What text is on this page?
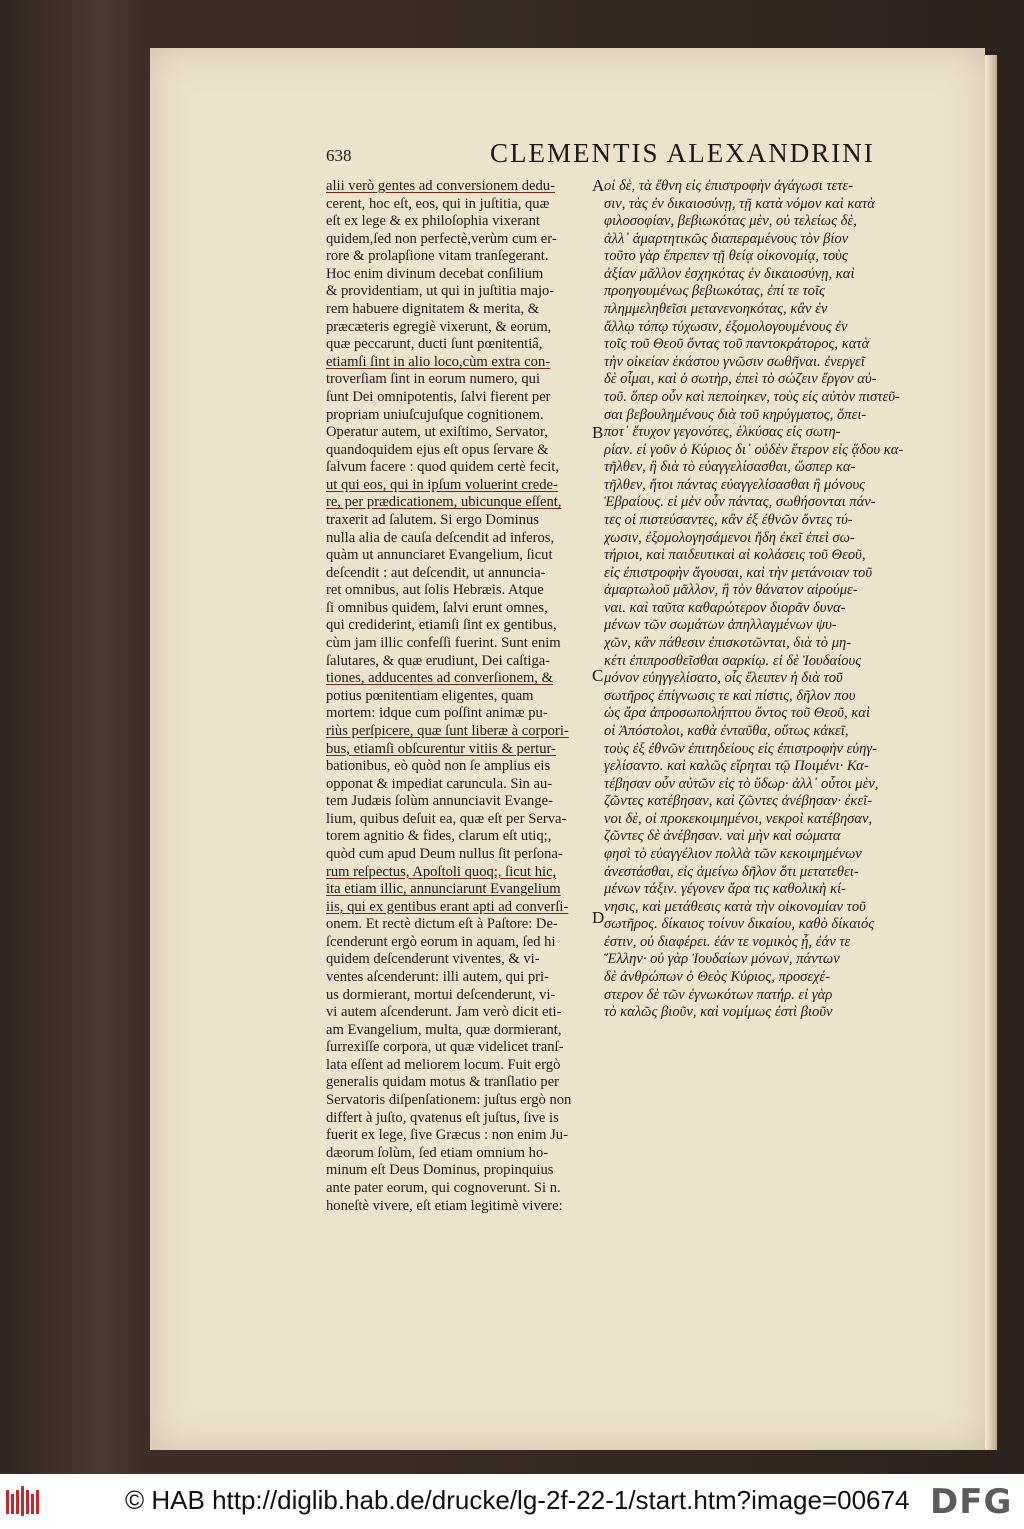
638	CLEMENTIS ALEXANDRINI
alii verò gentes ad conversionem dedu-
cerent, hoc eſt, eos, qui in juſtitia, quæ
eſt ex lege & ex philoſophia vixerant
quidem,ſed non perfectè,verùm cum er-
rore & prolapſione vitam tranſegerant.
Hoc enim divinum decebat conſilium
& providentiam, ut qui in juſtitia majo-
rem habuere dignitatem & merita, &
præcæteris egregiè vixerunt, & eorum,
quæ peccarunt, ducti ſunt pœnitentiâ,
etiamſi ſint in alio loco,cùm extra con-
troverſiam ſint in eorum numero, qui
ſunt Dei omnipotentis, ſalvi fierent per
propriam uniuſcujuſque cognitionem.
Operatur autem, ut exiſtimo, Servator,
quandoquidem ejus eſt opus ſervare &
ſalvum facere : quod quidem certè fecit,
ut qui eos, qui in ipſum voluerint crede-
re, per prædicationem, ubicunque eſſent,
traxerit ad ſalutem. Si ergo Dominus
nulla alia de cauſa deſcendit ad inferos,
quàm ut annunciaret Evangelium, ſicut
deſcendit : aut deſcendit, ut annuncia-
ret omnibus, aut ſolis Hebræis. Atque
ſi omnibus quidem, ſalvi erunt omnes,
qui crediderint, etiamſi ſint ex gentibus,
cùm jam illic confeſſi fuerint. Sunt enim
ſalutares, & quæ erudiunt, Dei caſtiga-
tiones, adducentes ad converſionem, &
potius pœnitentiam eligentes, quam
mortem: idque cum poſſint animæ pu-
riùs perſpicere, quæ ſunt liberæ à corpori-
bus, etiamſi obſcurentur vitiis & pertur-
bationibus, eò quòd non ſe amplius eis
opponat & impediat caruncula. Sin au-
tem Judæis ſolùm annunciavit Evange-
lium, quibus deſuit ea, quæ eſt per Serva-
torem agnitio & fides, clarum eſt utiq;,
quòd cum apud Deum nullus ſit perſona-
rum reſpectus, Apoſtoli quoq;, ſicut hic,
ita etiam illic, annunciarunt Evangelium
iis, qui ex gentibus erant apti ad converſi-
onem. Et rectè dictum eſt à Paſtore: De-
ſcenderunt ergò eorum in aquam, ſed hi
quidem deſcenderunt viventes, & vi-
ventes aſcenderunt: illi autem, qui pri-
us dormierant, mortui deſcenderunt, vi-
vi autem aſcenderunt. Jam verò dicit eti-
am Evangelium, multa, quæ dormierant,
ſurrexiſſe corpora, ut quæ videlicet tranſ-
lata eſſent ad meliorem locum. Fuit ergò
generalis quidam motus & tranſlatio per
Servatoris diſpenſationem: juſtus ergò non
differt à juſto, qvatenus eſt juſtus, ſive is
fuerit ex lege, ſive Græcus : non enim Ju-
dæorum ſolùm, ſed etiam omnium ho-
minum eſt Deus Dominus, propinquius
ante pater eorum, qui cognoverunt. Si n.
honeſtè vivere, eſt etiam legitimè vivere:
οἱ δὲ, τὰ ἔθνη εἰς ἐπιστροφὴν ἀγάγωσι τετε-
σιν, τὰς ἐν δικαιοσύνῃ, τῇ κατὰ νόμον καὶ κατὰ
φιλοσοφίαν, βεβιωκότας μὲν, οὐ τελείως δὲ,
ἀλλ᾽ ἁμαρτητικῶς διαπεραμένους τὸν βίον
τοῦτο γὰρ ἔπρεπεν τῇ θείᾳ οἰκονομίᾳ, τοὺς
ἀξίαν μᾶλλον ἐσχηκότας ἐν δικαιοσύνῃ, καὶ
προηγουμένως βεβιωκότας, ἐπί τε τοῖς
πλημμεληθεῖσι μετανενοηκότας, κἂν ἐν
ἄλλῳ τόπῳ τύχωσιν, ἐξομολογουμένους ἐν
τοῖς τοῦ Θεοῦ ὄντας τοῦ παντοκράτορος, κατὰ
τὴν οἰκείαν ἑκάστου γνῶσιν σωθῆναι. ἐνεργεῖ
δὲ οἶμαι, καὶ ὁ σωτὴρ, ἐπεὶ τὸ σώζειν ἔργον αὐ-
τοῦ. ὅπερ οὖν καὶ πεποίηκεν, τοὺς εἰς αὐτὸν πιστεῦ-
σαι βεβουλημένους διὰ τοῦ κηρύγματος, ὅπει-
ποτ᾽ ἔτυχον γεγονότες, ἑλκύσας εἰς σωτη-
ρίαν. εἰ γοῦν ὁ Κύριος δι᾽ οὐδὲν ἕτερον εἰς ᾅδου κα-
τῆλθεν, ἢ διὰ τὸ εὐαγγελίσασθαι, ὥσπερ κα-
τῆλθεν, ἤτοι πάντας εὐαγγελίσασθαι ἢ μόνους
Ἑβραίους. εἰ μὲν οὖν πάντας, σωθήσονται πάν-
τες οἱ πιστεύσαντες, κἂν ἐξ ἐθνῶν ὄντες τύ-
χωσιν, ἐξομολογησάμενοι ἤδη ἐκεῖ ἐπεὶ σω-
τήριοι, καὶ παιδευτικαὶ αἱ κολάσεις τοῦ Θεοῦ,
εἰς ἐπιστροφὴν ἄγουσαι, καὶ τὴν μετάνοιαν τοῦ
ἁμαρτωλοῦ μᾶλλον, ἢ τὸν θάνατον αἱρούμε-
ναι. καὶ ταῦτα καθαρώτερον διορᾶν δυνα-
μένων τῶν σωμάτων ἀπηλλαγμένων ψυ-
χῶν, κἂν πάθεσιν ἐπισκοτῶνται, διὰ τὸ μη-
κέτι ἐπιπροσθεῖσθαι σαρκίῳ. εἰ δὲ Ἰουδαίους
μόνον εὐηγγελίσατο, οἷς ἔλειπεν ἡ διὰ τοῦ
σωτῆρος ἐπίγνωσις τε καὶ πίστις, δῆλον που
ὡς ἄρα ἀπροσωπολήπτου ὄντος τοῦ Θεοῦ, καὶ
οἱ Ἀπόστολοι, καθὰ ἐνταῦθα, οὕτως κἀκεῖ,
τοὺς ἐξ ἐθνῶν ἐπιτηδείους εἰς ἐπιστροφὴν εὐηγ-
γελίσαντο. καὶ καλῶς εἴρηται τῷ Ποιμένι· Κα-
τέβησαν οὖν αὐτῶν εἰς τὸ ὕδωρ· ἀλλ᾽ οὗτοι μὲν,
ζῶντες κατέβησαν, καὶ ζῶντες ἀνέβησαν· ἐκεῖ-
νοι δὲ, οἱ προκεκοιμημένοι, νεκροὶ κατέβησαν,
ζῶντες δὲ ἀνέβησαν. ναὶ μὴν καὶ σώματα
φησὶ τὸ εὐαγγέλιον πολλὰ τῶν κεκοιμημένων
ἀνεστάσθαι, εἰς ἀμείνω δῆλον ὅτι μετατεθει-
μένων τάξιν. γέγονεν ἄρα τις καθολικὴ κί-
νησις, καὶ μετάθεσις κατὰ τὴν οἰκονομίαν τοῦ
σωτῆρος. δίκαιος τοίνυν δικαίου, καθὸ δίκαιός
ἐστιν, οὐ διαφέρει. ἐάν τε νομικὸς ᾖ, ἐάν τε
Ἕλλην· οὐ γὰρ Ἰουδαίων μόνων, πάντων
δὲ ἀνθρώπων ὁ Θεὸς Κύριος, προσεχέ-
στερον δὲ τῶν ἐγνωκότων πατήρ. εἰ γὰρ
τὸ καλῶς βιοῦν, καὶ νομίμως ἐστὶ βιοῦν
A
B
C
D
© HAB http://diglib.hab.de/drucke/lg-2f-22-1/start.htm?image=00674 DFG
